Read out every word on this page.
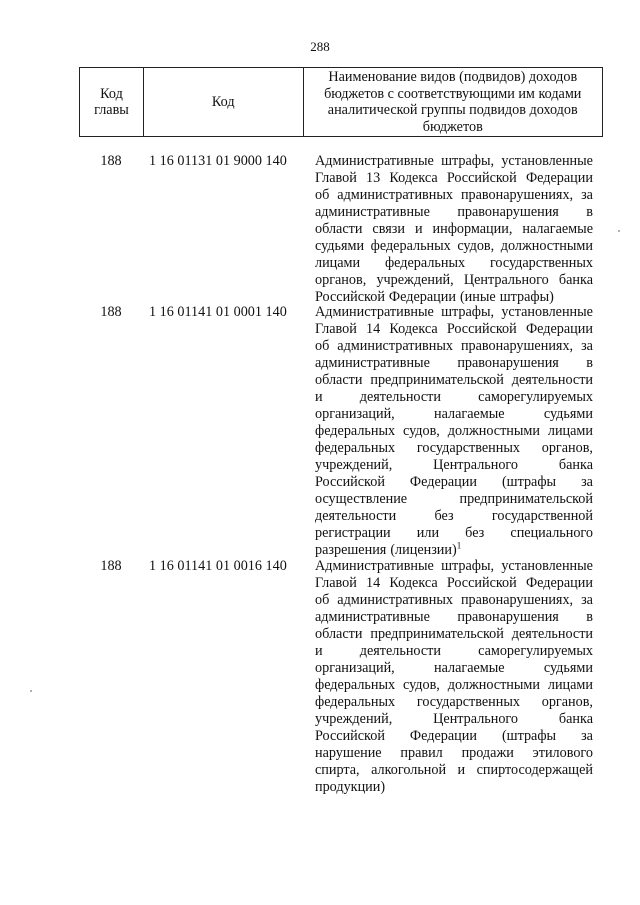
288
Код главы	Код	Наименование видов (подвидов) доходов бюджетов с соответствующими им кодами аналитической группы подвидов доходов бюджетов
188	1 16 01131 01 9000 140	Административные штрафы, установленные
Главой 13 Кодекса Российской Федерации
об административных правонарушениях, за
административные правонарушения в
области связи и информации, налагаемые
судьями федеральных судов, должностными
лицами федеральных государственных
органов, учреждений, Центрального банка
Российской Федерации (иные штрафы)
188	1 16 01141 01 0001 140	Административные штрафы, установленные
Главой 14 Кодекса Российской Федерации
об административных правонарушениях, за
административные правонарушения в
области предпринимательской деятельности
и	деятельности	саморегулируемых
организаций,	налагаемые	судьями
федеральных судов, должностными лицами
федеральных государственных органов,
учреждений,	Центрального	банка
Российской Федерации (штрафы за
осуществление	предпринимательской
деятельности	без	государственной
регистрации или без специального
разрешения (лицензии)$^1$
188	1 16 01141 01 0016 140	Административные штрафы, установленные
Главой 14 Кодекса Российской Федерации
об административных правонарушениях, за
административные правонарушения в
области предпринимательской деятельности
и	деятельности	саморегулируемых
организаций,	налагаемые	судьями
федеральных судов, должностными лицами
федеральных государственных органов,
учреждений,	Центрального	банка
Российской Федерации (штрафы за
нарушение правил продажи этилового
спирта, алкогольной и спиртосодержащей
продукции)
